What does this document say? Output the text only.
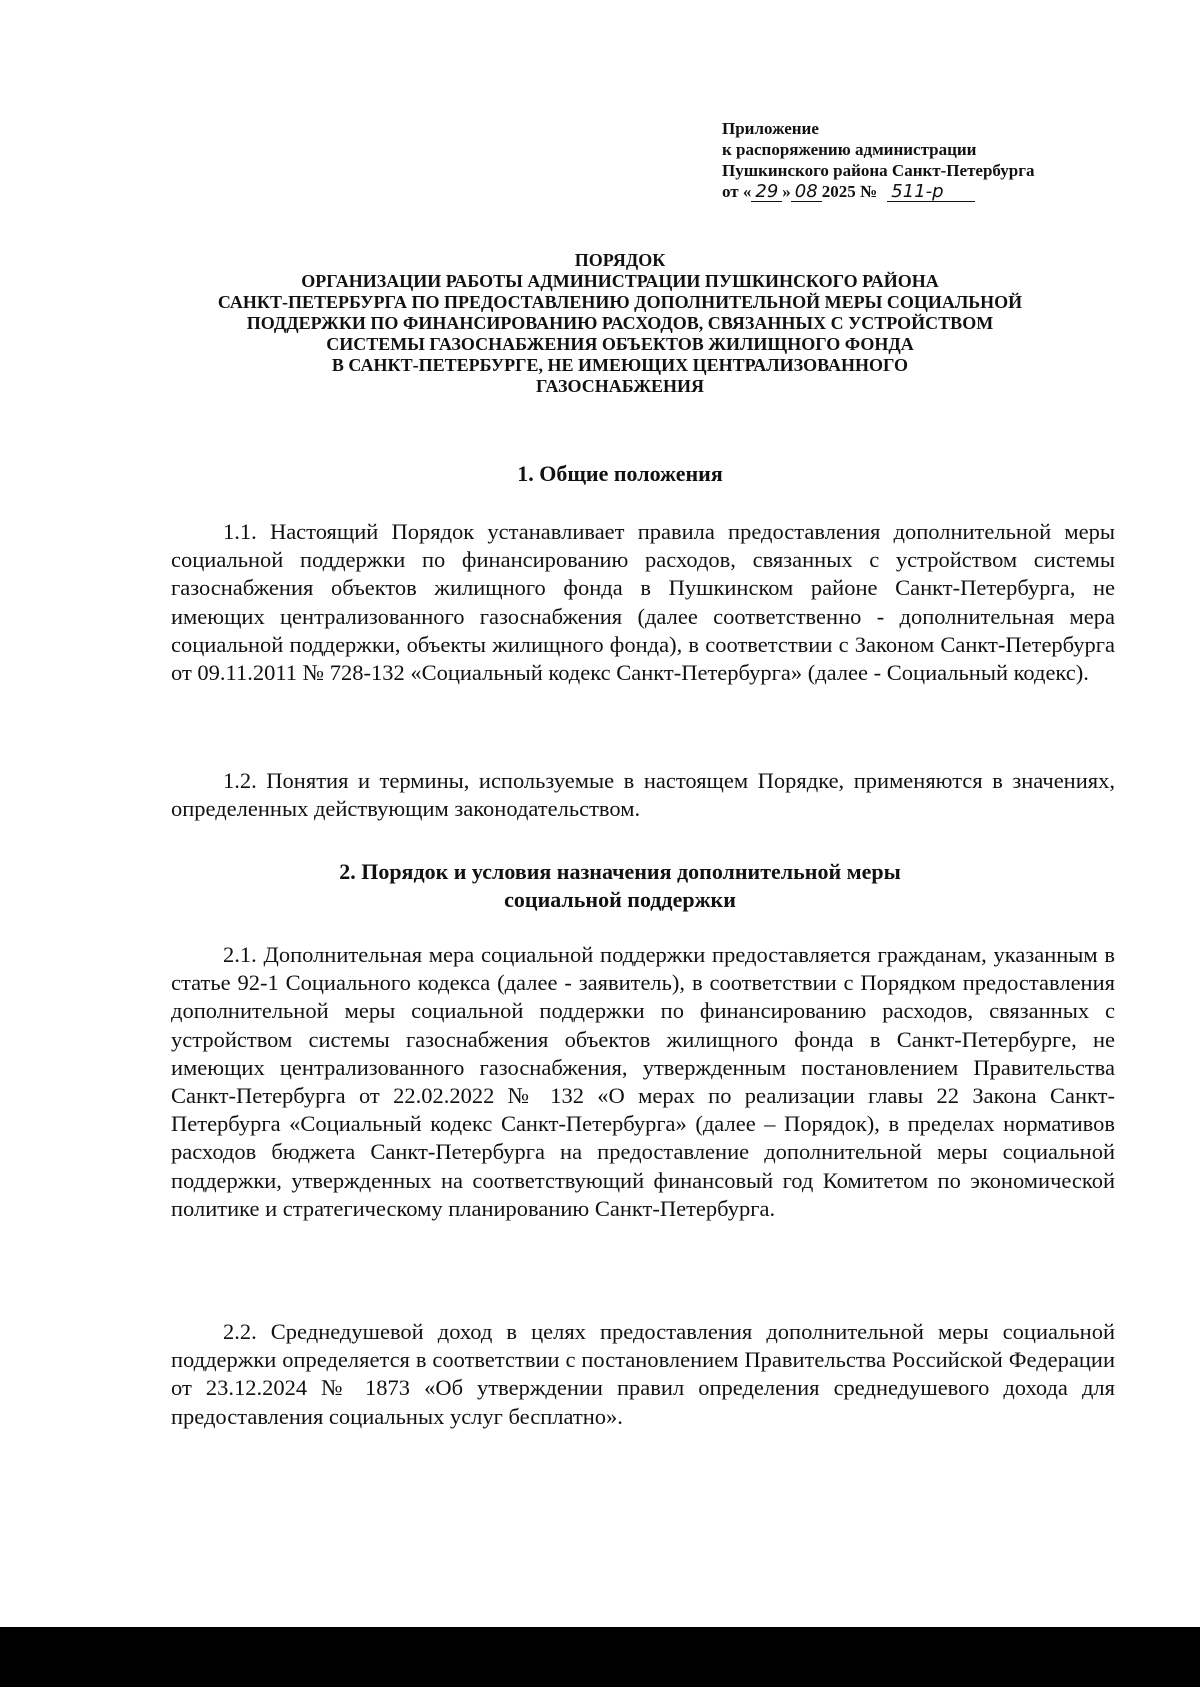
Приложение
к распоряжению администрации
Пушкинского района Санкт-Петербурга
от « 29 » 08 2025 № 511-р
ПОРЯДОК
ОРГАНИЗАЦИИ РАБОТЫ АДМИНИСТРАЦИИ ПУШКИНСКОГО РАЙОНА
САНКТ-ПЕТЕРБУРГА ПО ПРЕДОСТАВЛЕНИЮ ДОПОЛНИТЕЛЬНОЙ МЕРЫ СОЦИАЛЬНОЙ
ПОДДЕРЖКИ ПО ФИНАНСИРОВАНИЮ РАСХОДОВ, СВЯЗАННЫХ С УСТРОЙСТВОМ
СИСТЕМЫ ГАЗОСНАБЖЕНИЯ ОБЪЕКТОВ ЖИЛИЩНОГО ФОНДА
В САНКТ-ПЕТЕРБУРГЕ, НЕ ИМЕЮЩИХ ЦЕНТРАЛИЗОВАННОГО
ГАЗОСНАБЖЕНИЯ
1. Общие положения
1.1. Настоящий Порядок устанавливает правила предоставления дополнительной меры социальной поддержки по финансированию расходов, связанных с устройством системы газоснабжения объектов жилищного фонда в Пушкинском районе Санкт-Петербурга, не имеющих централизованного газоснабжения (далее соответственно - дополнительная мера социальной поддержки, объекты жилищного фонда), в соответствии с Законом Санкт-Петербурга от 09.11.2011 № 728-132 «Социальный кодекс Санкт-Петербурга» (далее - Социальный кодекс).
1.2. Понятия и термины, используемые в настоящем Порядке, применяются в значениях, определенных действующим законодательством.
2. Порядок и условия назначения дополнительной меры
социальной поддержки
2.1. Дополнительная мера социальной поддержки предоставляется гражданам, указанным в статье 92-1 Социального кодекса (далее - заявитель), в соответствии с Порядком предоставления дополнительной меры социальной поддержки по финансированию расходов, связанных с устройством системы газоснабжения объектов жилищного фонда в Санкт-Петербурге, не имеющих централизованного газоснабжения, утвержденным постановлением Правительства Санкт-Петербурга от 22.02.2022 № 132 «О мерах по реализации главы 22 Закона Санкт-Петербурга «Социальный кодекс Санкт-Петербурга» (далее – Порядок), в пределах нормативов расходов бюджета Санкт-Петербурга на предоставление дополнительной меры социальной поддержки, утвержденных на соответствующий финансовый год Комитетом по экономической политике и стратегическому планированию Санкт-Петербурга.
2.2. Среднедушевой доход в целях предоставления дополнительной меры социальной поддержки определяется в соответствии с постановлением Правительства Российской Федерации от 23.12.2024 № 1873 «Об утверждении правил определения среднедушевого дохода для предоставления социальных услуг бесплатно».
